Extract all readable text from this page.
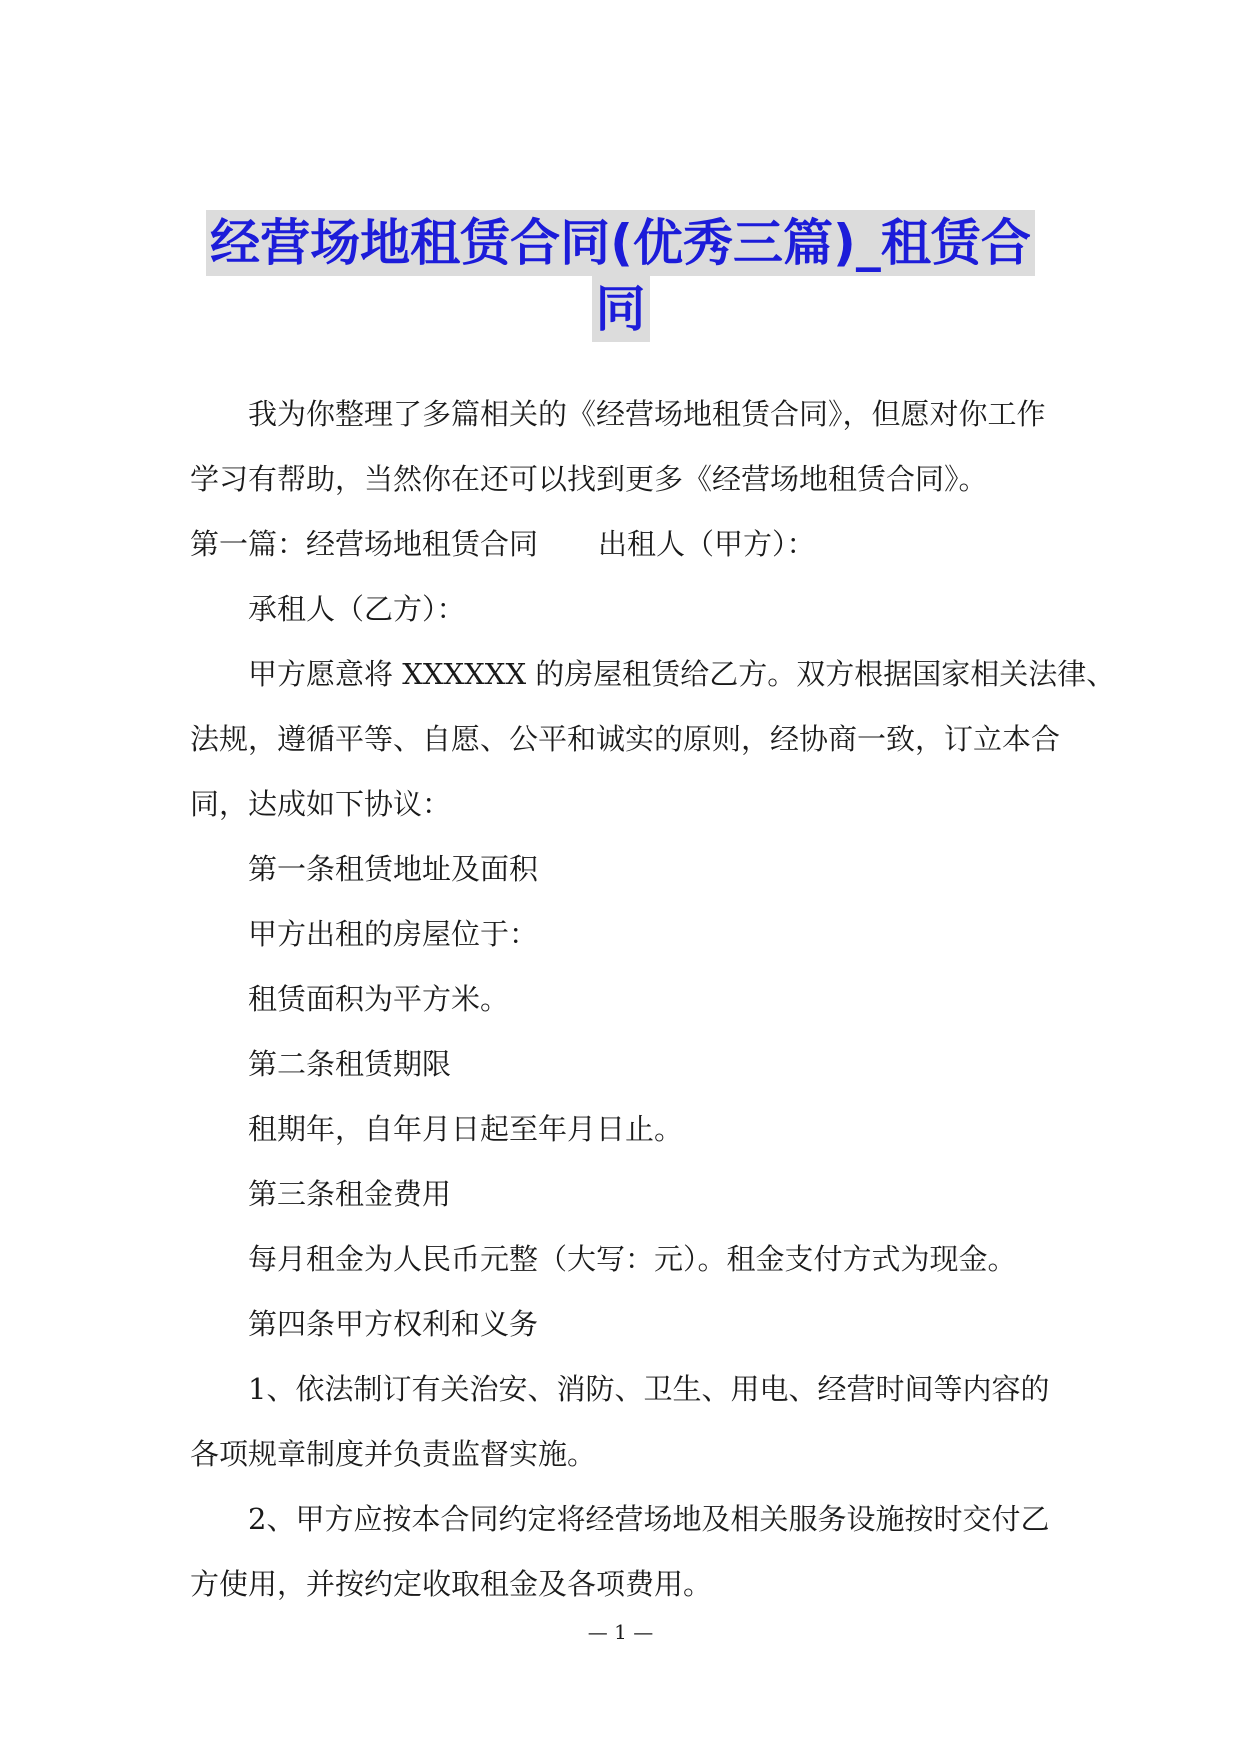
经营场地租赁合同(优秀三篇)_租赁合
同

我为你整理了多篇相关的《经营场地租赁合同》，但愿对你工作

学习有帮助，当然你在还可以找到更多《经营场地租赁合同》。

第一篇：经营场地租赁合同 出租人（甲方）：

承租人（乙方）：

甲方愿意将 XXXXXX 的房屋租赁给乙方。双方根据国家相关法律、

法规，遵循平等、自愿、公平和诚实的原则，经协商一致，订立本合

同，达成如下协议：

第一条租赁地址及面积

甲方出租的房屋位于：

租赁面积为平方米。

第二条租赁期限

租期年，自年月日起至年月日止。

第三条租金费用

每月租金为人民币元整（大写：元）。租金支付方式为现金。

第四条甲方权利和义务

1、依法制订有关治安、消防、卫生、用电、经营时间等内容的

各项规章制度并负责监督实施。

2、甲方应按本合同约定将经营场地及相关服务设施按时交付乙

方使用，并按约定收取租金及各项费用。

— 1 —
